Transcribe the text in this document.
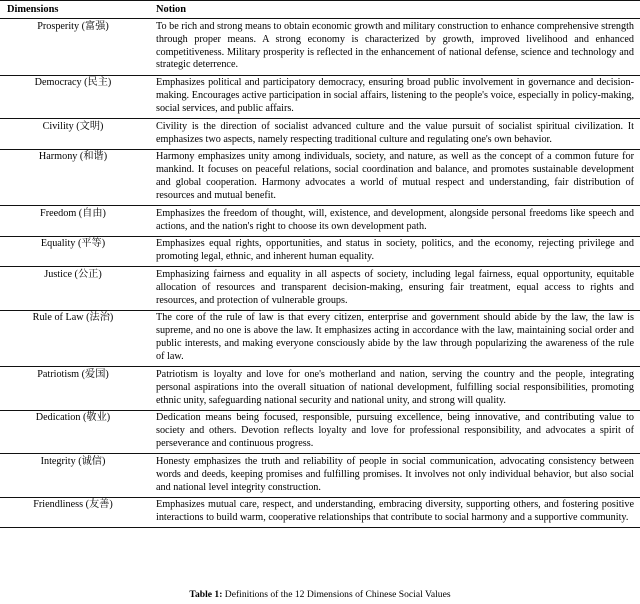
Dimensions	Notion
Prosperity (富强)	To be rich and strong means to obtain economic growth and military construction to enhance comprehensive strength through proper means. A strong economy is characterized by growth, improved livelihood and enhanced competitiveness. Military prosperity is reflected in the enhancement of national defense, science and technology and strategic deterrence.
Democracy (民主)	Emphasizes political and participatory democracy, ensuring broad public involvement in governance and decision-making. Encourages active participation in social affairs, listening to the people's voice, especially in policy-making, social services, and public affairs.
Civility (文明)	Civility is the direction of socialist advanced culture and the value pursuit of socialist spiritual civilization. It emphasizes two aspects, namely respecting traditional culture and regulating one's own behavior.
Harmony (和谐)	Harmony emphasizes unity among individuals, society, and nature, as well as the concept of a common future for mankind. It focuses on peaceful relations, social coordination and balance, and promotes sustainable development and global cooperation. Harmony advocates a world of mutual respect and understanding, fair distribution of resources and mutual benefit.
Freedom (自由)	Emphasizes the freedom of thought, will, existence, and development, alongside personal freedoms like speech and actions, and the nation's right to choose its own development path.
Equality (平等)	Emphasizes equal rights, opportunities, and status in society, politics, and the economy, rejecting privilege and promoting legal, ethnic, and inherent human equality.
Justice (公正)	Emphasizing fairness and equality in all aspects of society, including legal fairness, equal opportunity, equitable allocation of resources and transparent decision-making, ensuring fair treatment, equal access to rights and resources, and protection of vulnerable groups.
Rule of Law (法治)	The core of the rule of law is that every citizen, enterprise and government should abide by the law, the law is supreme, and no one is above the law. It emphasizes acting in accordance with the law, maintaining social order and public interests, and making everyone consciously abide by the law through popularizing the awareness of the rule of law.
Patriotism (爱国)	Patriotism is loyalty and love for one's motherland and nation, serving the country and the people, integrating personal aspirations into the overall situation of national development, fulfilling social responsibilities, promoting ethnic unity, safeguarding national security and national unity, and strong will quality.
Dedication (敬业)	Dedication means being focused, responsible, pursuing excellence, being innovative, and contributing value to society and others. Devotion reflects loyalty and love for professional responsibility, and advocates a spirit of perseverance and continuous progress.
Integrity (诚信)	Honesty emphasizes the truth and reliability of people in social communication, advocating consistency between words and deeds, keeping promises and fulfilling promises. It involves not only individual behavior, but also social and national level integrity construction.
Friendliness (友善)	Emphasizes mutual care, respect, and understanding, embracing diversity, supporting others, and fostering positive interactions to build warm, cooperative relationships that contribute to social harmony and a supportive community.
Table 1: Definitions of the 12 Dimensions of Chinese Social Values
